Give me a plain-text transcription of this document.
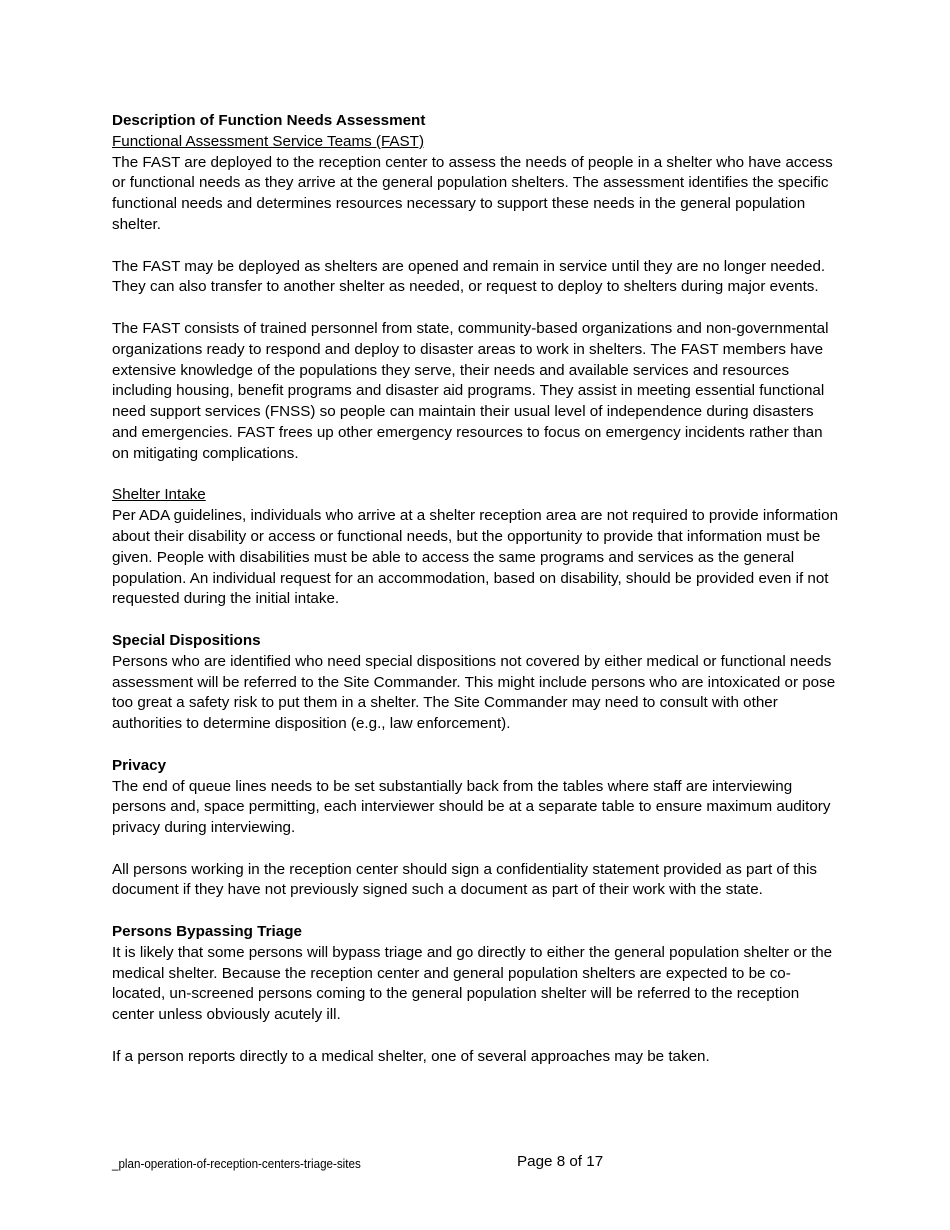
Description of Function Needs Assessment

Functional Assessment Service Teams (FAST)

The FAST are deployed to the reception center to assess the needs of people in a shelter who have access or functional needs as they arrive at the general population shelters. The assessment identifies the specific functional needs and determines resources necessary to support these needs in the general population shelter.

The FAST may be deployed as shelters are opened and remain in service until they are no longer needed. They can also transfer to another shelter as needed, or request to deploy to shelters during major events.

The FAST consists of trained personnel from state, community-based organizations and non-governmental organizations ready to respond and deploy to disaster areas to work in shelters. The FAST members have extensive knowledge of the populations they serve, their needs and available services and resources including housing, benefit programs and disaster aid programs. They assist in meeting essential functional need support services (FNSS) so people can maintain their usual level of independence during disasters and emergencies. FAST frees up other emergency resources to focus on emergency incidents rather than on mitigating complications.

Shelter Intake

Per ADA guidelines, individuals who arrive at a shelter reception area are not required to provide information about their disability or access or functional needs, but the opportunity to provide that information must be given. People with disabilities must be able to access the same programs and services as the general population. An individual request for an accommodation, based on disability, should be provided even if not requested during the initial intake.

Special Dispositions

Persons who are identified who need special dispositions not covered by either medical or functional needs assessment will be referred to the Site Commander. This might include persons who are intoxicated or pose too great a safety risk to put them in a shelter. The Site Commander may need to consult with other authorities to determine disposition (e.g., law enforcement).

Privacy

The end of queue lines needs to be set substantially back from the tables where staff are interviewing persons and, space permitting, each interviewer should be at a separate table to ensure maximum auditory privacy during interviewing.

All persons working in the reception center should sign a confidentiality statement provided as part of this document if they have not previously signed such a document as part of their work with the state.

Persons Bypassing Triage

It is likely that some persons will bypass triage and go directly to either the general population shelter or the medical shelter. Because the reception center and general population shelters are expected to be co-located, un-screened persons coming to the general population shelter will be referred to the reception center unless obviously acutely ill.

If a person reports directly to a medical shelter, one of several approaches may be taken.

_plan-operation-of-reception-centers-triage-sites	Page 8 of 17
